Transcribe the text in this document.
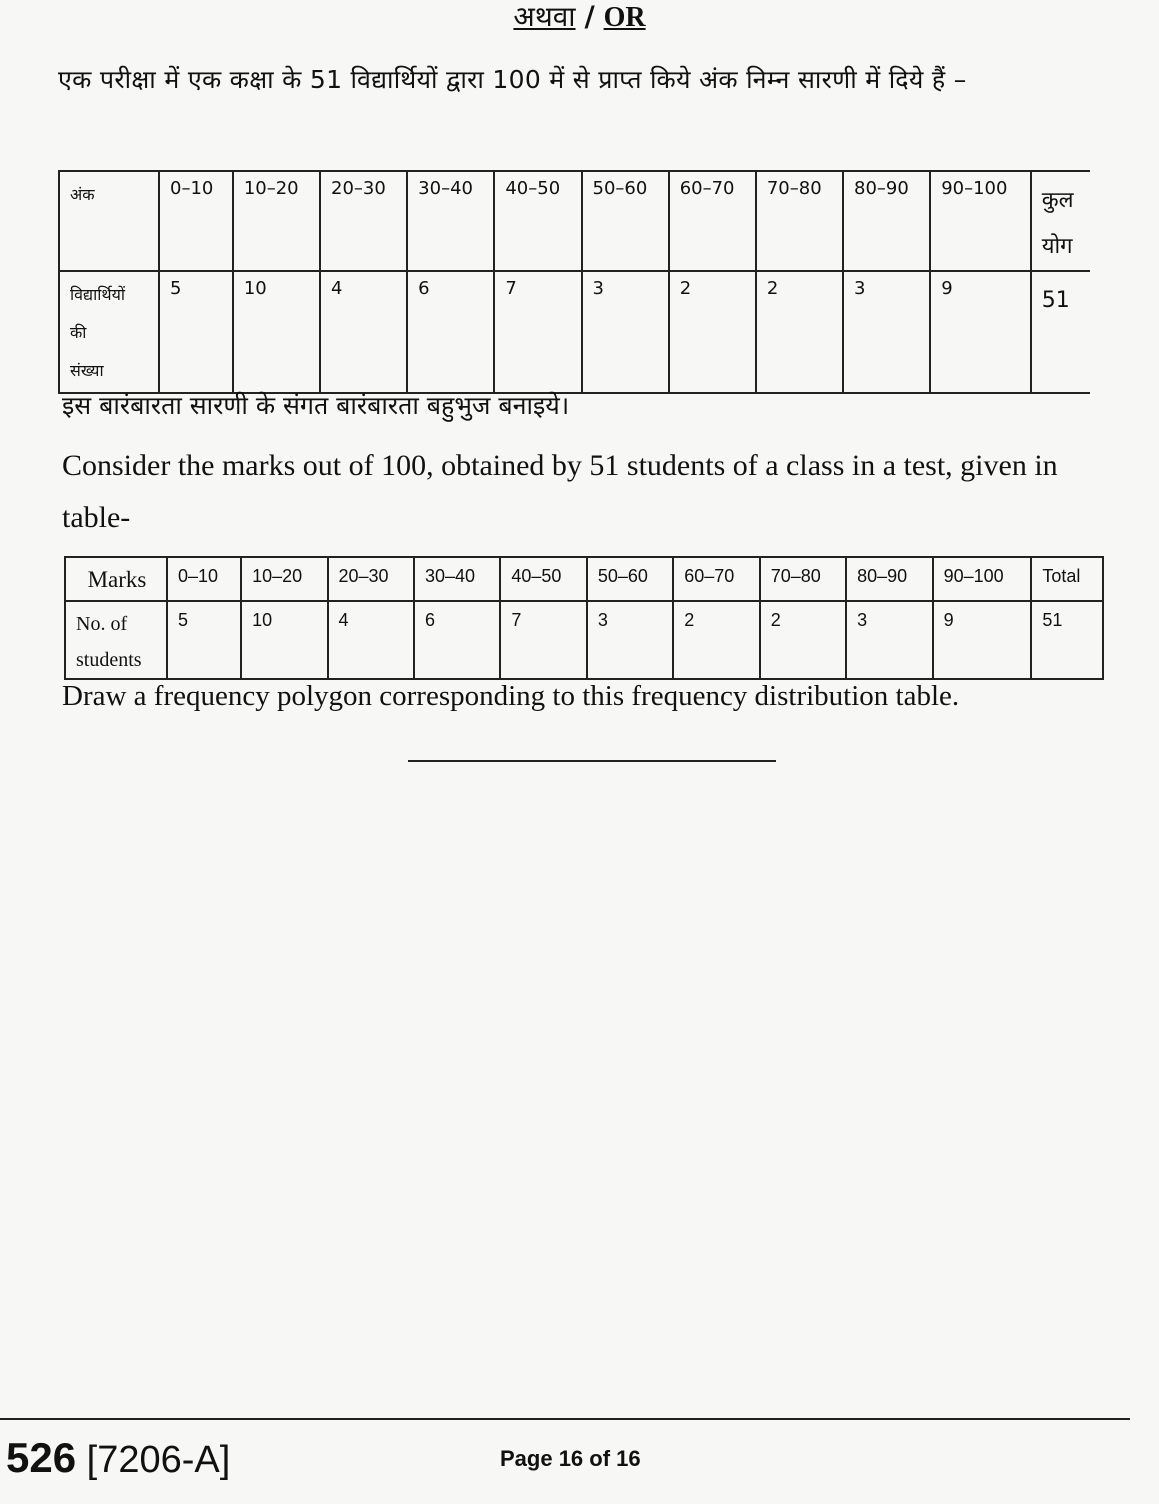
अथवा / OR
एक परीक्षा में एक कक्षा के 51 विद्यार्थियों द्वारा 100 में से प्राप्त किये अंक निम्न सारणी में दिये हैं –
अंक	0–10	10–20	20–30	30–40	40–50	50–60	60–70	70–80	80–90	90–100	कुल
योग

विद्यार्थियों
की
संख्या	5	10	4	6	7	3	2	2	3	9	51
इस बारंबारता सारणी के संगत बारंबारता बहुभुज बनाइये।
Consider the marks out of 100, obtained by 51 students of a class in a test, given in table-
Marks	0–10	10–20	20–30	30–40	40–50	50–60	60–70	70–80	80–90	90–100	Total

No. of
students	5	10	4	6	7	3	2	2	3	9	51
Draw a frequency polygon corresponding to this frequency distribution table.
526 [7206-A]	Page 16 of 16
